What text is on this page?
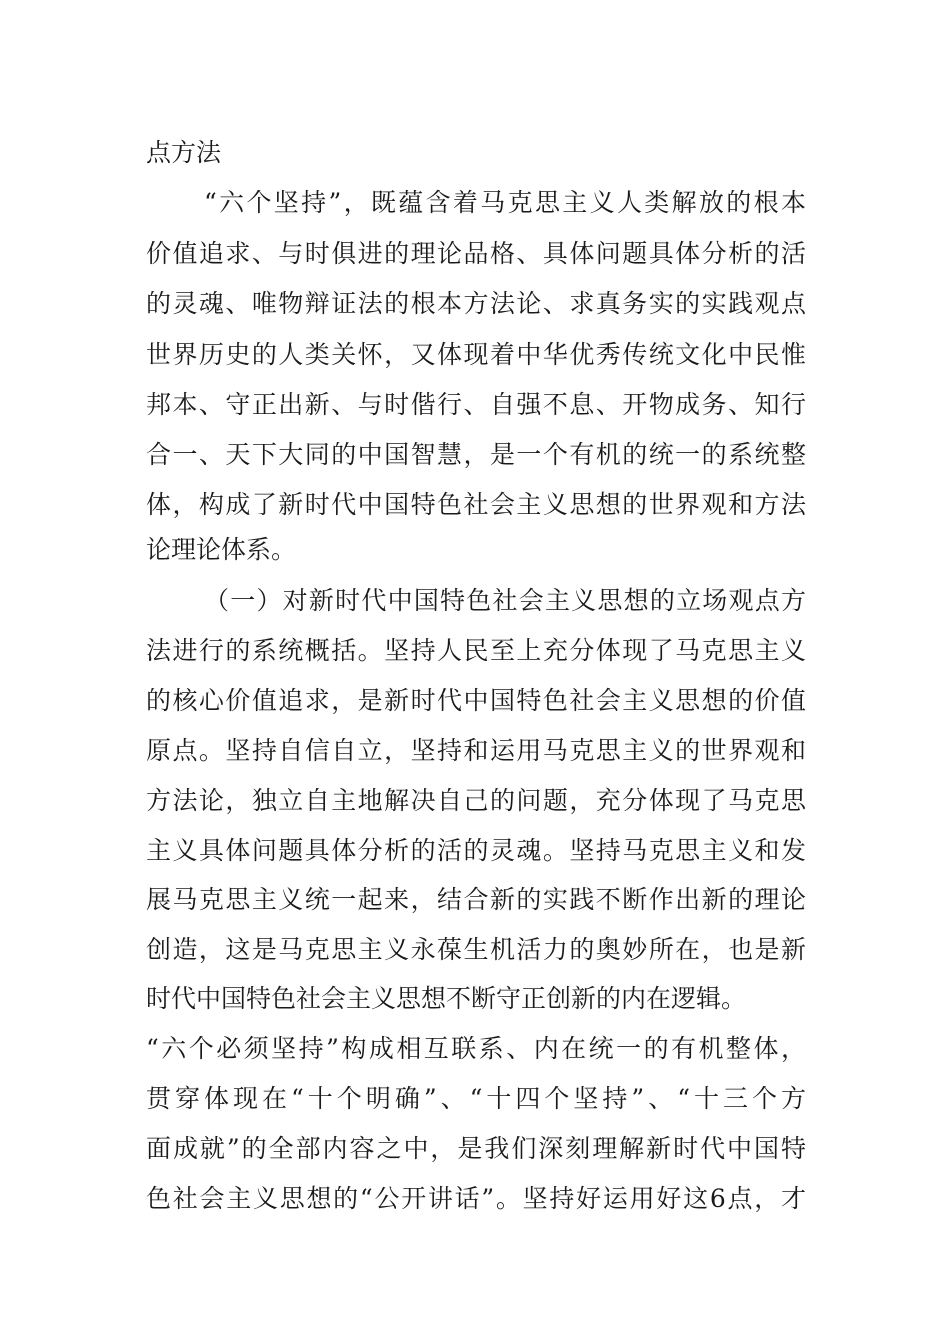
点方法
“六个坚持”，既蕴含着马克思主义人类解放的根本
价值追求、与时俱进的理论品格、具体问题具体分析的活
的灵魂、唯物辩证法的根本方法论、求真务实的实践观点
世界历史的人类关怀，又体现着中华优秀传统文化中民惟
邦本、守正出新、与时偕行、自强不息、开物成务、知行
合一、天下大同的中国智慧，是一个有机的统一的系统整
体，构成了新时代中国特色社会主义思想的世界观和方法
论理论体系。
（一）对新时代中国特色社会主义思想的立场观点方
法进行的系统概括。坚持人民至上充分体现了马克思主义
的核心价值追求，是新时代中国特色社会主义思想的价值
原点。坚持自信自立，坚持和运用马克思主义的世界观和
方法论，独立自主地解决自己的问题，充分体现了马克思
主义具体问题具体分析的活的灵魂。坚持马克思主义和发
展马克思主义统一起来，结合新的实践不断作出新的理论
创造，这是马克思主义永葆生机活力的奥妙所在，也是新
时代中国特色社会主义思想不断守正创新的内在逻辑。
“六个必须坚持”构成相互联系、内在统一的有机整体，
贯穿体现在“十个明确”、“十四个坚持”、“十三个方
面成就”的全部内容之中，是我们深刻理解新时代中国特
色社会主义思想的“公开讲话”。坚持好运用好这6点，才
